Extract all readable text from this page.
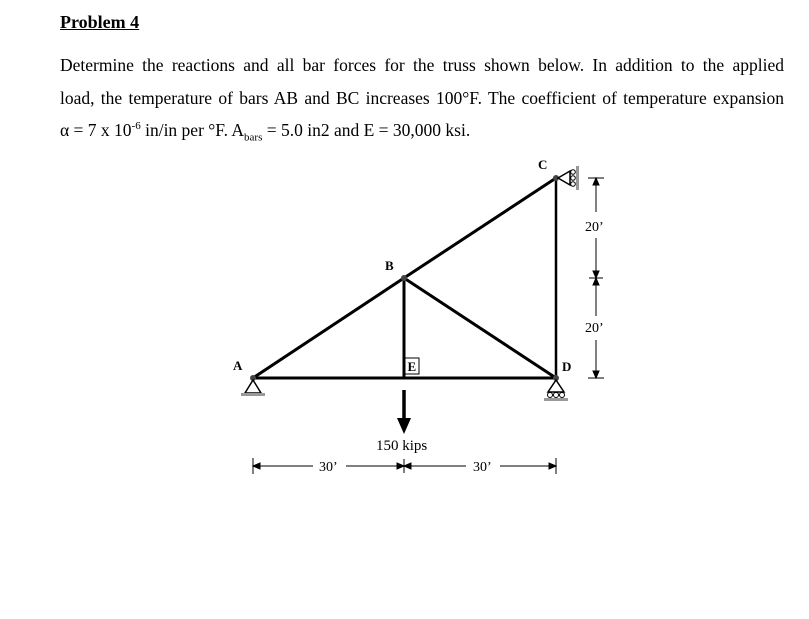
Problem 4
Determine the reactions and all bar forces for the truss shown below. In addition to the applied
load, the temperature of bars AB and BC increases 100°F. The coefficient of temperature expansion
α = 7 x $10^{-6}$ in/in per °F. $A_{bars} = 5.0$ in2 and E = 30,000 ksi.
A
B
C
D
E
150 kips
30’	30’
20’
20’
